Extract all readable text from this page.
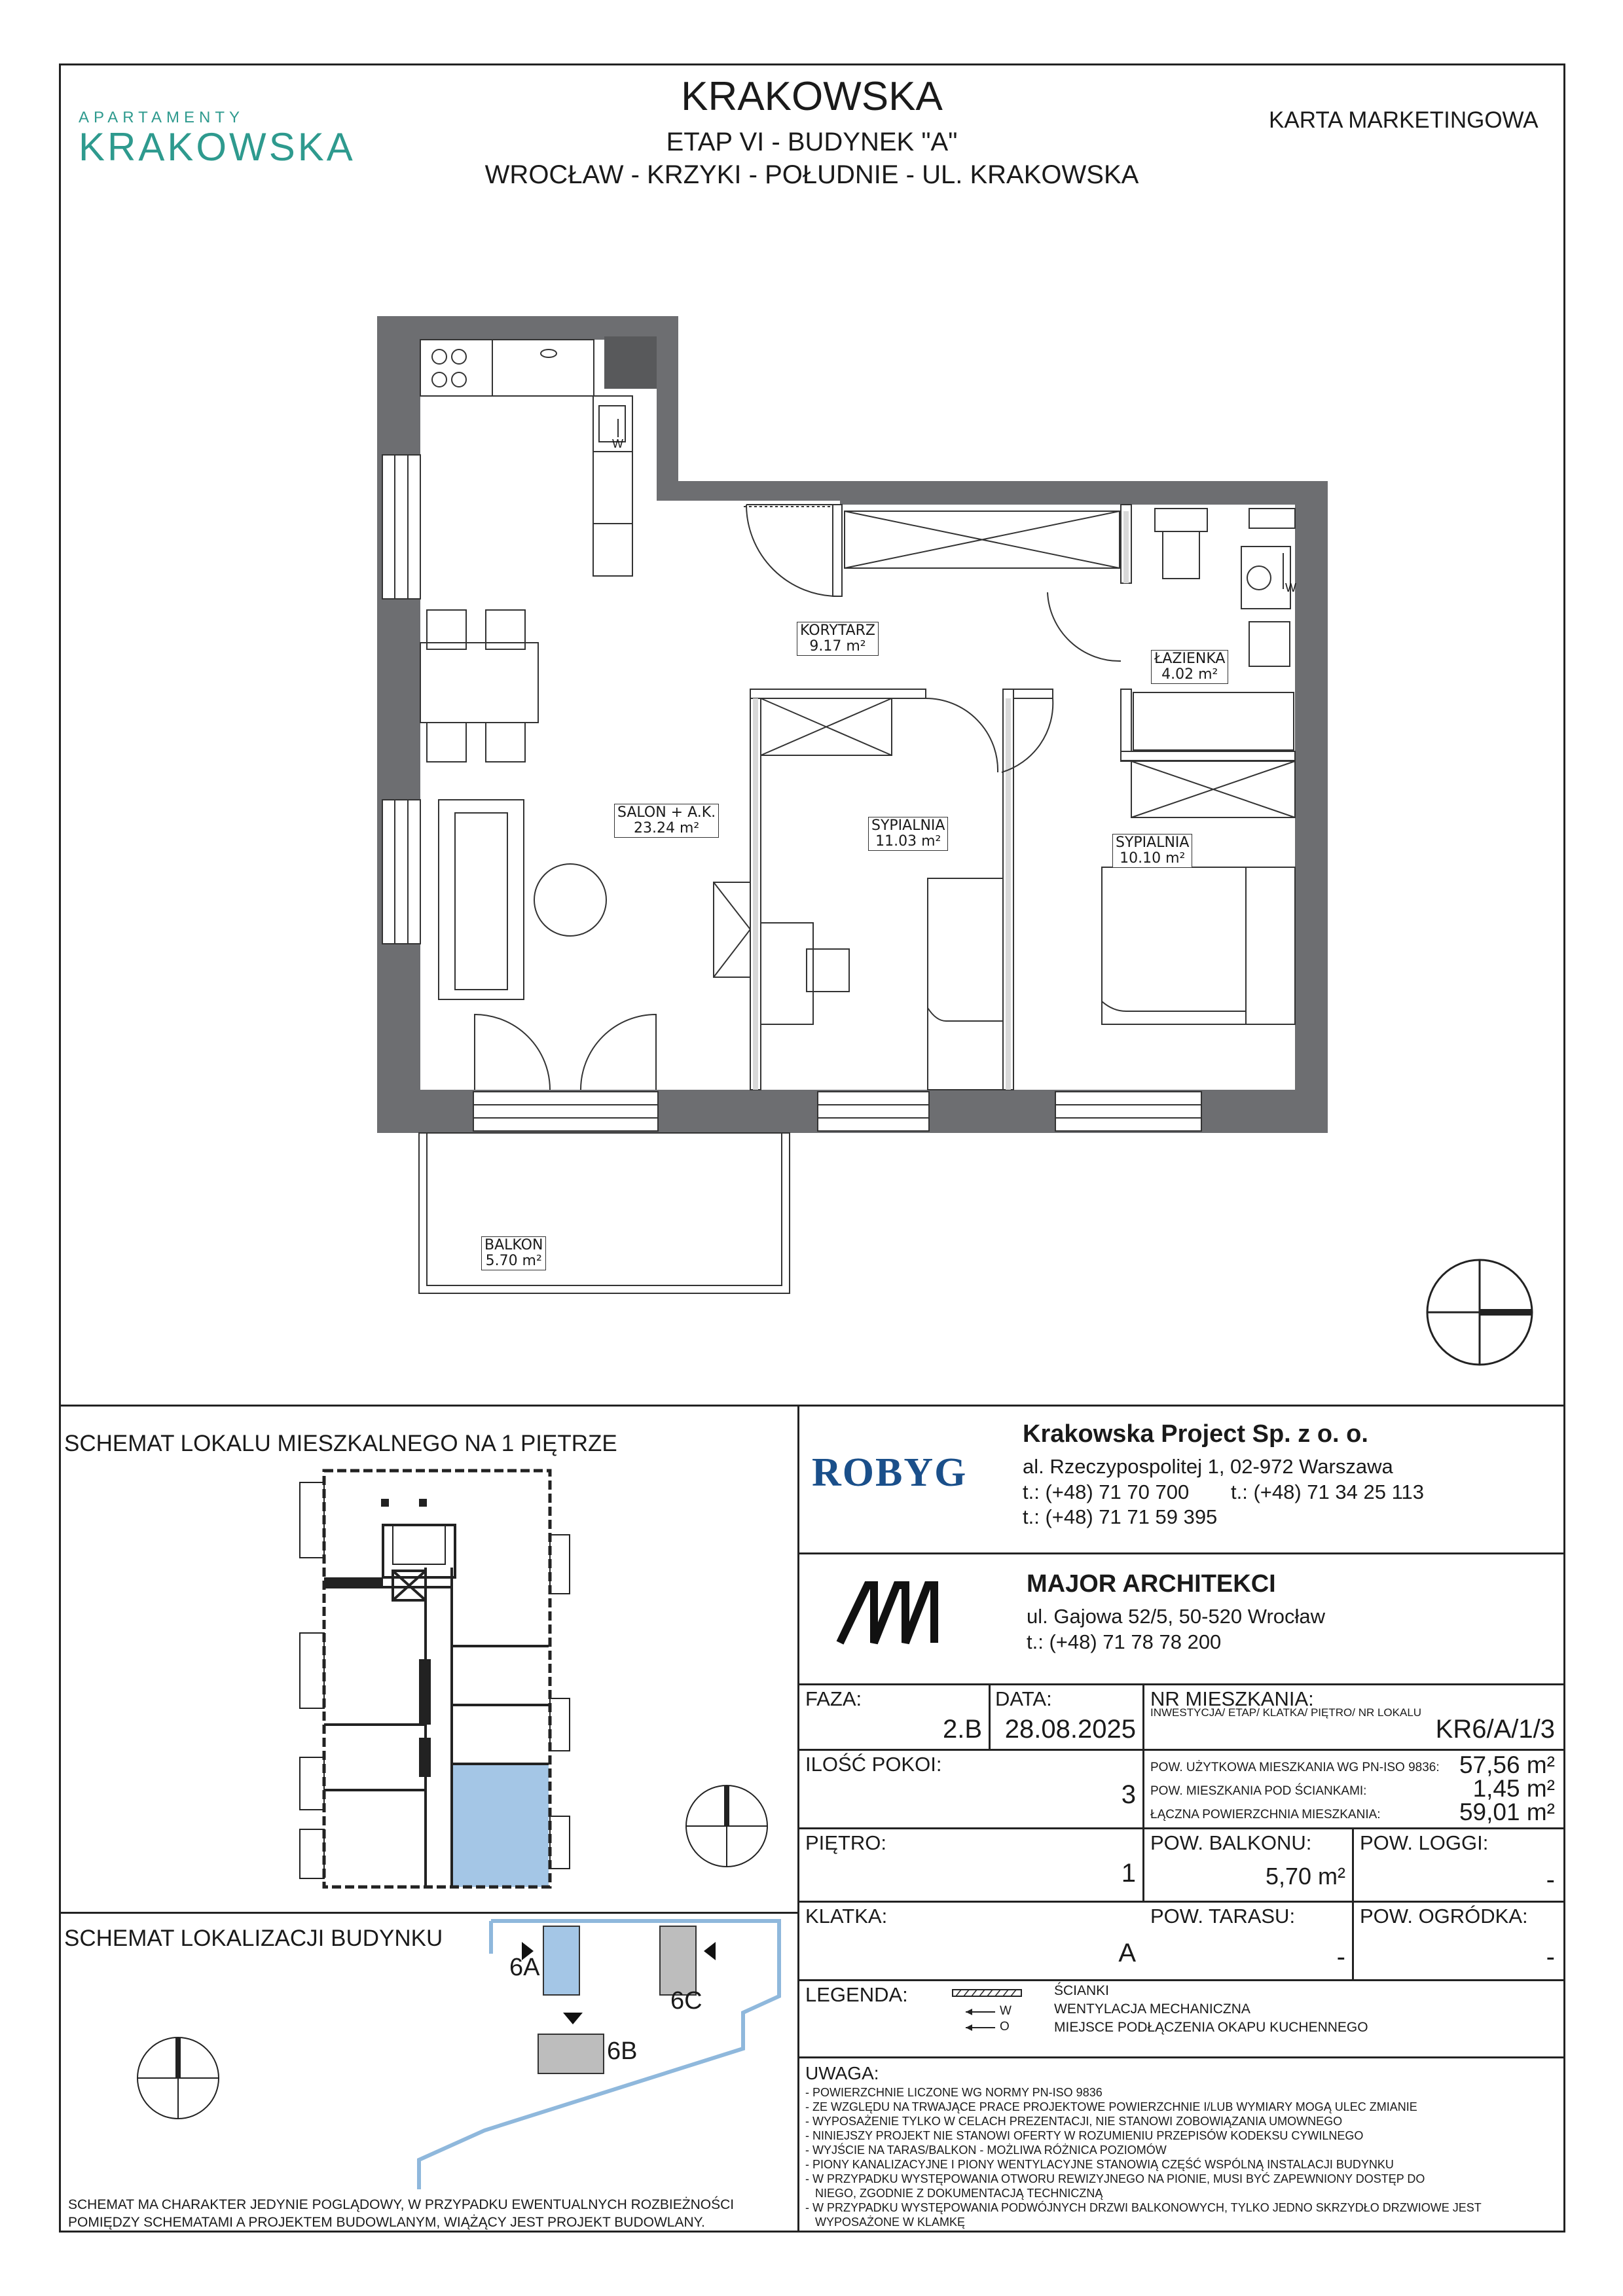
APARTAMENTY
KRAKOWSKA
KRAKOWSKA
ETAP VI - BUDYNEK "A"
WROCŁAW - KRZYKI - POŁUDNIE - UL. KRAKOWSKA
KARTA MARKETINGOWA
W
W
KORYTARZ
9.17 m²
ŁAZIENKA
4.02 m²
SALON + A.K.
23.24 m²	SYPIALNIA
11.03 m²	SYPIALNIA
10.10 m²
BALKON
5.70 m²
SCHEMAT LOKALU MIESZKALNEGO NA 1 PIĘTRZE
SCHEMAT LOKALIZACJI BUDYNKU
6A
6B
6C
SCHEMAT MA CHARAKTER JEDYNIE POGLĄDOWY, W PRZYPADKU EWENTUALNYCH ROZBIEŻNOŚCI
POMIĘDZY SCHEMATAMI A PROJEKTEM BUDOWLANYM, WIĄŻĄCY JEST PROJEKT BUDOWLANY.
ROBYG
Krakowska Project Sp. z o. o.
al. Rzeczypospolitej 1, 02-972 Warszawa
t.: (+48) 71 70 700 t.: (+48) 71 34 25 113
t.: (+48) 71 71 59 395
MAJOR ARCHITEKCI
ul. Gajowa 52/5, 50-520 Wrocław
t.: (+48) 71 78 78 200
FAZA:
2.B
DATA:
28.08.2025
NR MIESZKANIA:
INWESTYCJA/ ETAP/ KLATKA/ PIĘTRO/ NR LOKALU
KR6/A/1/3
ILOŚĆ POKOI:
3
POW. UŻYTKOWA MIESZKANIA WG PN-ISO 9836: 57,56 m²
POW. MIESZKANIA POD ŚCIANKAMI:	1,45 m²
ŁĄCZNA POWIERZCHNIA MIESZKANIA:	59,01 m²
PIĘTRO:
1
POW. BALKONU:
5,70 m²
POW. LOGGI:
-
KLATKA:
A
POW. TARASU:
-
POW. OGRÓDKA:
-
LEGENDA:
W
O
ŚCIANKI
WENTYLACJA MECHANICZNA
MIEJSCE PODŁĄCZENIA OKAPU KUCHENNEGO
UWAGA:
- POWIERZCHNIE LICZONE WG NORMY PN-ISO 9836
- ZE WZGLĘDU NA TRWAJĄCE PRACE PROJEKTOWE POWIERZCHNIE I/LUB WYMIARY MOGĄ ULEC ZMIANIE
- WYPOSAŻENIE TYLKO W CELACH PREZENTACJI, NIE STANOWI ZOBOWIĄZANIA UMOWNEGO
- NINIEJSZY PROJEKT NIE STANOWI OFERTY W ROZUMIENIU PRZEPISÓW KODEKSU CYWILNEGO
- WYJŚCIE NA TARAS/BALKON - MOŻLIWA RÓŻNICA POZIOMÓW
- PIONY KANALIZACYJNE I PIONY WENTYLACYJNE STANOWIĄ CZĘŚĆ WSPÓLNĄ INSTALACJI BUDYNKU
- W PRZYPADKU WYSTĘPOWANIA OTWORU REWIZYJNEGO NA PIONIE, MUSI BYĆ ZAPEWNIONY DOSTĘP DO
NIEGO, ZGODNIE Z DOKUMENTACJĄ TECHNICZNĄ
- W PRZYPADKU WYSTĘPOWANIA PODWÓJNYCH DRZWI BALKONOWYCH, TYLKO JEDNO SKRZYDŁO DRZWIOWE JEST
WYPOSAŻONE W KLAMKĘ
